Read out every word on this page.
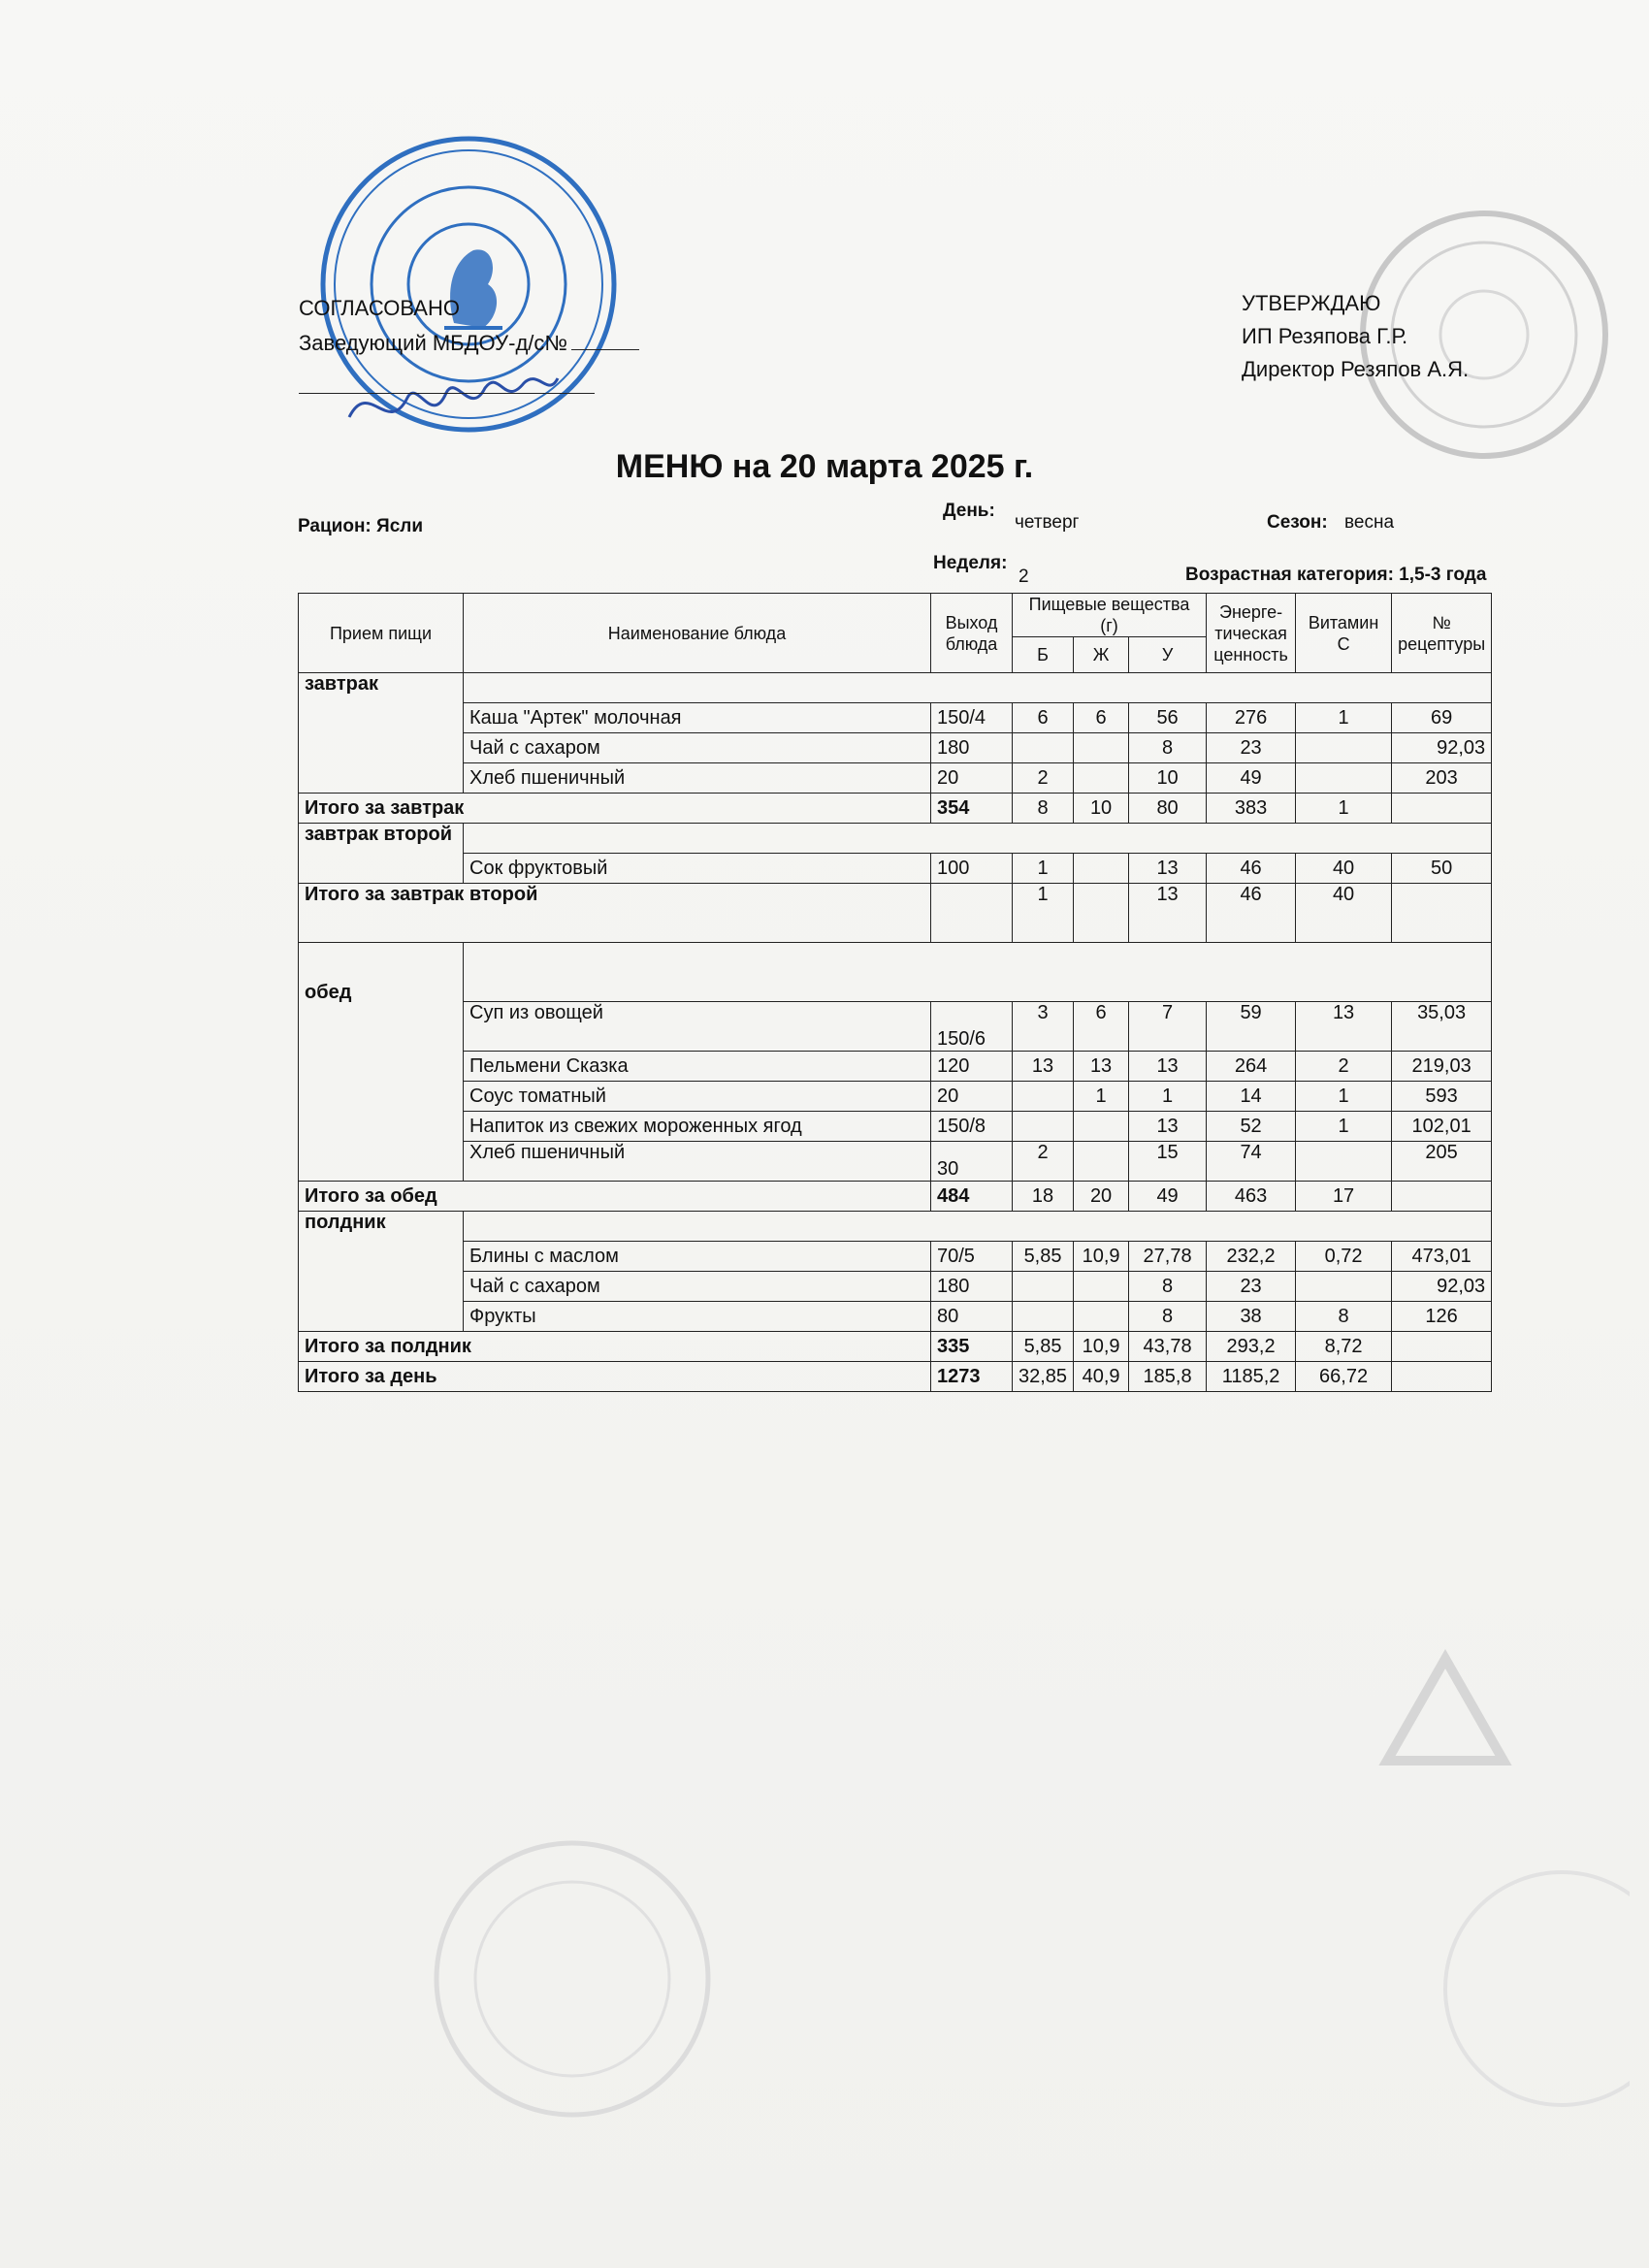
СОГЛАСОВАНО
Заведующий МБДОУ-д/с№
УТВЕРЖДАЮ
ИП Резяпова Г.Р.
Директор Резяпов А.Я.
МЕНЮ на 20 марта 2025 г.
Рацион: Ясли
День:
четверг	Сезон: весна
Неделя:
2	Возрастная категория: 1,5-3 года
Прием пищи	Наименование блюда	Выход блюда	Пищевые вещества (г)			Энерге-тическая ценность	Витамин С	№ рецептуры
			Б	Ж	У			
завтрак								
	Каша "Артек" молочная	150/4	6	6	56	276	1	69
	Чай с сахаром	180			8	23		92,03
	Хлеб пшеничный	20	2		10	49		203
Итого за завтрак		354	8	10	80	383	1	
завтрак второй								
	Сок фруктовый	100	1		13	46	40	50
Итого за завтрак второй			1		13	46	40	
обед								
	Суп из овощей	150/6	3	6	7	59	13	35,03
	Пельмени Сказка	120	13	13	13	264	2	219,03
	Соус томатный	20		1	1	14	1	593
	Напиток из свежих мороженных ягод	150/8			13	52	1	102,01
	Хлеб пшеничный	30	2		15	74		205
Итого за обед		484	18	20	49	463	17	
полдник								
	Блины с маслом	70/5	5,85	10,9	27,78	232,2	0,72	473,01
	Чай с сахаром	180			8	23		92,03
	Фрукты	80			8	38	8	126
Итого за полдник		335	5,85	10,9	43,78	293,2	8,72	
Итого за день		1273	32,85	40,9	185,8	1185,2	66,72	
